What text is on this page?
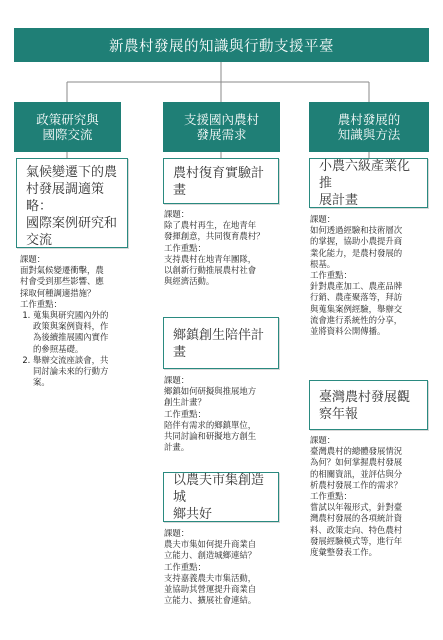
新農村發展的知識與行動支援平臺
政策研究與
國際交流
支援國內農村
發展需求
農村發展的
知識與方法
氣候變遷下的農
村發展調適策略：
國際案例研究和
交流
課題：
面對氣候變遷衝擊，農
村會受到那些影響、應
採取何種調適措施？
工作重點：
1. 蒐集與研究國內外的
政策與案例資料，作
為後續推展國內實作
的參照基礎。
2. 舉辦交流座談會，共
同討論未來的行動方
案。
農村復育實驗計畫
課題：
除了農村再生，在地青年
發揮創意，共同復育農村？
工作重點：
支持農村在地青年團隊，
以創新行動推展農村社會
與經濟活動。
鄉鎮創生陪伴計
畫
課題：
鄉鎮如何研擬與推展地方
創生計畫？
工作重點：
陪伴有需求的鄉鎮單位，
共同討論和研擬地方創生
計畫。
以農夫市集創造城
鄉共好
課題：
農夫市集如何提升商業自
立能力、創造城鄉連結？
工作重點：
支持嘉義農夫市集活動，
並協助其營運提升商業自
立能力、擴展社會連結。
小農六級產業化推
展計畫
課題：
如何透過經驗和技術層次
的掌握，協助小農提升商
業化能力，是農村發展的
根基。
工作重點：
針對農產加工、農產品牌
行銷、農產聚落等，拜訪
與蒐集案例經驗，舉辦交
流會進行系統性的分享，
並將資料公開傳播。
臺灣農村發展觀
察年報
課題：
臺灣農村的總體發展情況
為何？如何掌握農村發展
的相關資訊，並評估與分
析農村發展工作的需求？
工作重點：
嘗試以年報形式，針對臺
灣農村發展的各項統計資
料、政策走向、特色農村
發展經驗模式等，進行年
度彙整發表工作。
